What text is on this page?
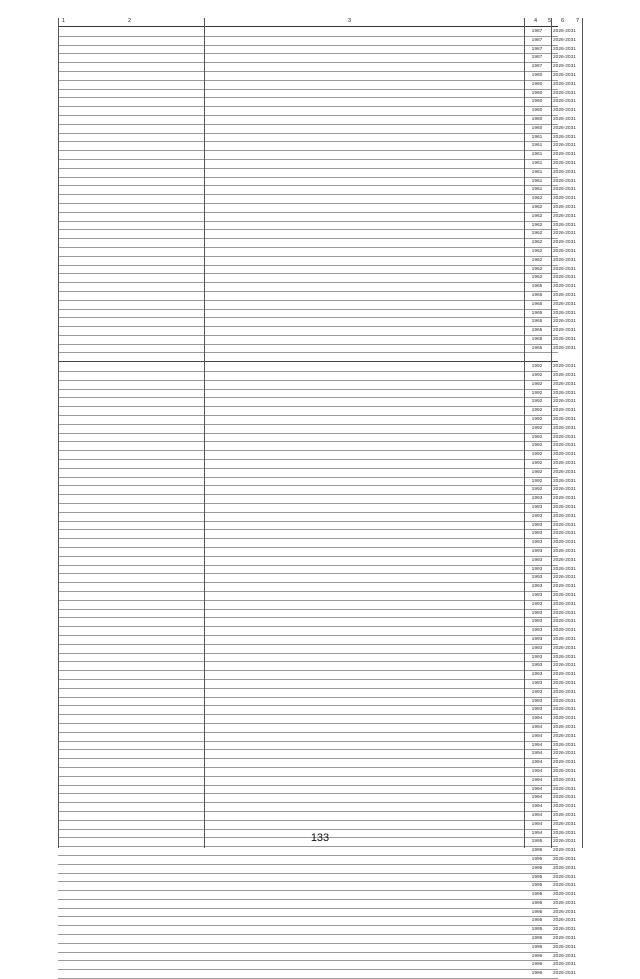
1	2	3	4 5 6 7
1987	2026-2031
1987	2026-2031
1987	2026-2031
1987	2026-2031
1987	2026-2031
1960	2026-2031
1960	2026-2031
1960	2026-2031
1960	2026-2031
1960	2026-2031
1960	2026-2031
1960	2026-2031
1961	2026-2031
1961	2026-2031
1961	2026-2031
1961	2026-2031
1961	2026-2031
1961	2026-2031
1961	2026-2031
1962	2026-2031
1962	2026-2031
1962	2026-2031
1962	2026-2031
1962	2026-2031
1962	2026-2031
1962	2026-2031
1962	2026-2031
1962	2026-2031
1962	2026-2031
1965	2026-2031
1965	2026-2031
1965	2026-2031
1965	2026-2031
1965	2026-2031
1965	2026-2031
1965	2026-2031
1965	2026-2031
1992	2026-2031
1992	2026-2031
1992	2026-2031
1992	2026-2031
1992	2026-2031
1992	2026-2031
1992	2026-2031
1992	2026-2031
1992	2026-2031
1992	2026-2031
1992	2026-2031
1992	2026-2031
1992	2026-2031
1992	2026-2031
1992	2026-2031
1993	2026-2031
1993	2026-2031
1993	2026-2031
1993	2026-2031
1993	2026-2031
1993	2026-2031
1993	2026-2031
1993	2026-2031
1993	2026-2031
1993	2026-2031
1993	2026-2031
1993	2026-2031
1993	2026-2031
1993	2026-2031
1993	2026-2031
1993	2026-2031
1993	2026-2031
1993	2026-2031
1993	2026-2031
1993	2026-2031
1993	2026-2031
1993	2026-2031
1993	2026-2031
1993	2026-2031
1993	2026-2031
1994	2026-2031
1994	2026-2031
1994	2026-2031
1994	2026-2031
1994	2026-2031
1994	2026-2031
1994	2026-2031
1994	2026-2031
1994	2026-2031
1994	2026-2031
1994	2026-2031
1994	2026-2031
1994	2026-2031
1994	2026-2031
1995	2026-2031
1995	2026-2031
1995	2026-2031
1995	2026-2031
1995	2026-2031
1995	2026-2031
1995	2026-2031
1995	2026-2031
1995	2026-2031
1995	2026-2031
1995	2026-2031
1995	2026-2031
1996	2026-2031
1996	2026-2031
1996	2026-2031
1996	2026-2031
133
